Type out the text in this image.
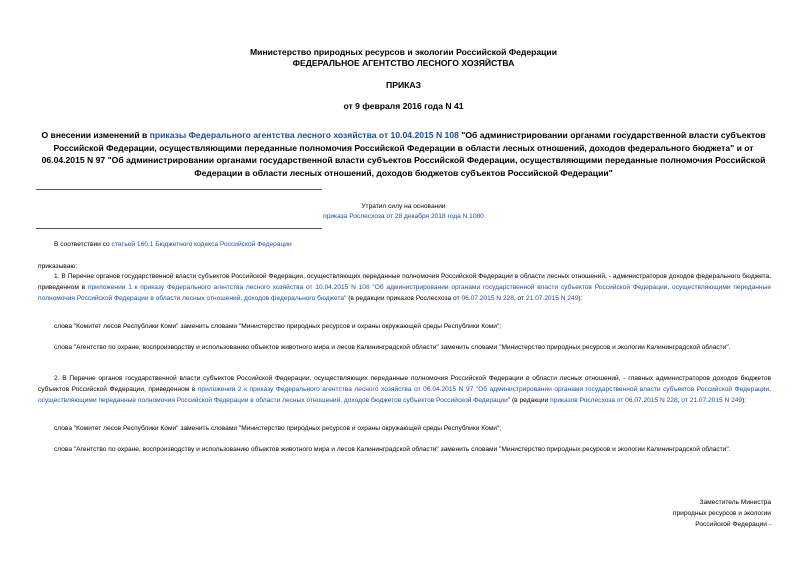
Министерство природных ресурсов и экологии Российской Федерации
ФЕДЕРАЛЬНОЕ АГЕНТСТВО ЛЕСНОГО ХОЗЯЙСТВА
ПРИКАЗ
от 9 февраля 2016 года N 41
О внесении изменений в приказы Федерального агентства лесного хозяйства от 10.04.2015 N 108 "Об администрировании органами государственной власти субъектов Российской Федерации, осуществляющими переданные полномочия Российской Федерации в области лесных отношений, доходов федерального бюджета" и от 06.04.2015 N 97 "Об администрировании органами государственной власти субъектов Российской Федерации, осуществляющими переданные полномочия Российской Федерации в области лесных отношений, доходов бюджетов субъектов Российской Федерации"
Утратил силу на основании
приказа Рослесхоза от 28 декабря 2018 года N 1080
В соответствии со статьей 160.1 Бюджетного кодекса Российской Федерации
приказываю:
1. В Перечне органов государственной власти субъектов Российской Федерации, осуществляющих переданные полномочия Российской Федерации в области лесных отношений, - администраторов доходов федерального бюджета, приведенном в приложении 1 к приказу Федерального агентства лесного хозяйства от 10.04.2015 N 108 "Об администрировании органами государственной власти субъектов Российской Федерации, осуществляющими переданные полномочия Российской Федерации в области лесных отношений, доходов федерального бюджета" (в редакции приказов Рослесхоза от 06.07.2015 N 228, от 21.07.2015 N 249):
слова "Комитет лесов Республики Коми" заменить словами "Министерство природных ресурсов и охраны окружающей среды Республики Коми";
слова "Агентство по охране, воспроизводству и использованию объектов животного мира и лесов Калининградской области" заменить словами "Министерство природных ресурсов и экологии Калининградской области".
2. В Перечне органов государственной власти субъектов Российской Федерации, осуществляющих переданные полномочия Российской Федерации в области лесных отношений, - главных администраторов доходов бюджетов субъектов Российской Федерации, приведенном в приложении 2 к приказу Федерального агентства лесного хозяйства от 06.04.2015 N 97 "Об администрировании органами государственной власти субъектов Российской Федерации, осуществляющими переданные полномочия Российской Федерации в области лесных отношений, доходов бюджетов субъектов Российской Федерации" (в редакции приказов Рослесхоза от 06.07.2015 N 228, от 21.07.2015 N 249):
слова "Комитет лесов Республики Коми" заменить словами "Министерство природных ресурсов и охраны окружающей среды Республики Коми";
слова "Агентство по охране, воспроизводству и использованию объектов животного мира и лесов Калининградской области" заменить словами "Министерство природных ресурсов и экологии Калининградской области".
Заместитель Министра
природных ресурсов и экологии
Российской Федерации -
